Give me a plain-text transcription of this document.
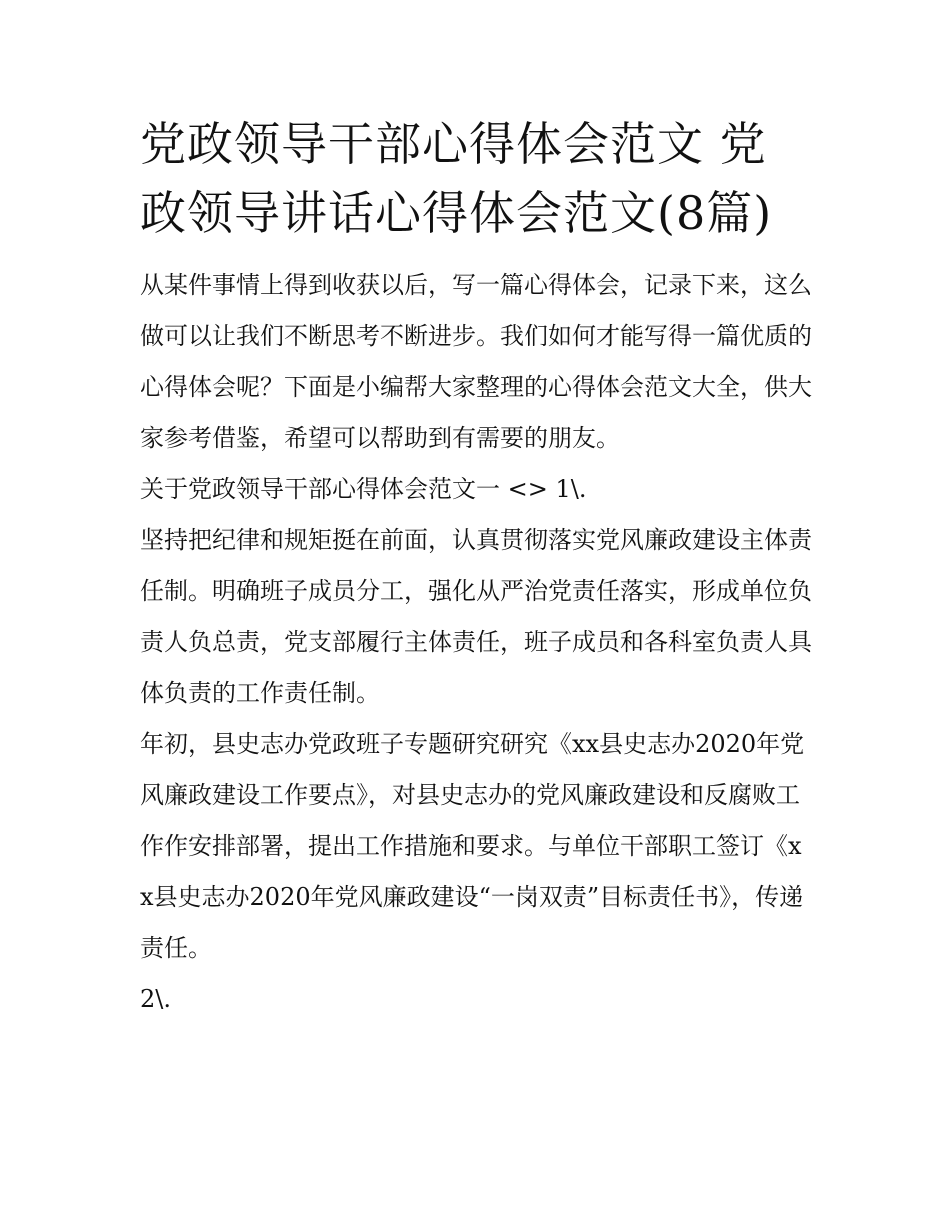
党政领导干部心得体会范文 党政领导讲话心得体会范文(8篇)

从某件事情上得到收获以后，写一篇心得体会，记录下来，这么做可以让我们不断思考不断进步。我们如何才能写得一篇优质的心得体会呢？下面是小编帮大家整理的心得体会范文大全，供大家参考借鉴，希望可以帮助到有需要的朋友。

关于党政领导干部心得体会范文一 <> 1\.

坚持把纪律和规矩挺在前面，认真贯彻落实党风廉政建设主体责任制。明确班子成员分工，强化从严治党责任落实，形成单位负责人负总责，党支部履行主体责任，班子成员和各科室负责人具体负责的工作责任制。

年初，县史志办党政班子专题研究研究《xx县史志办2020年党风廉政建设工作要点》，对县史志办的党风廉政建设和反腐败工作作安排部署，提出工作措施和要求。与单位干部职工签订《xx县史志办2020年党风廉政建设“一岗双责”目标责任书》，传递责任。

2\.
